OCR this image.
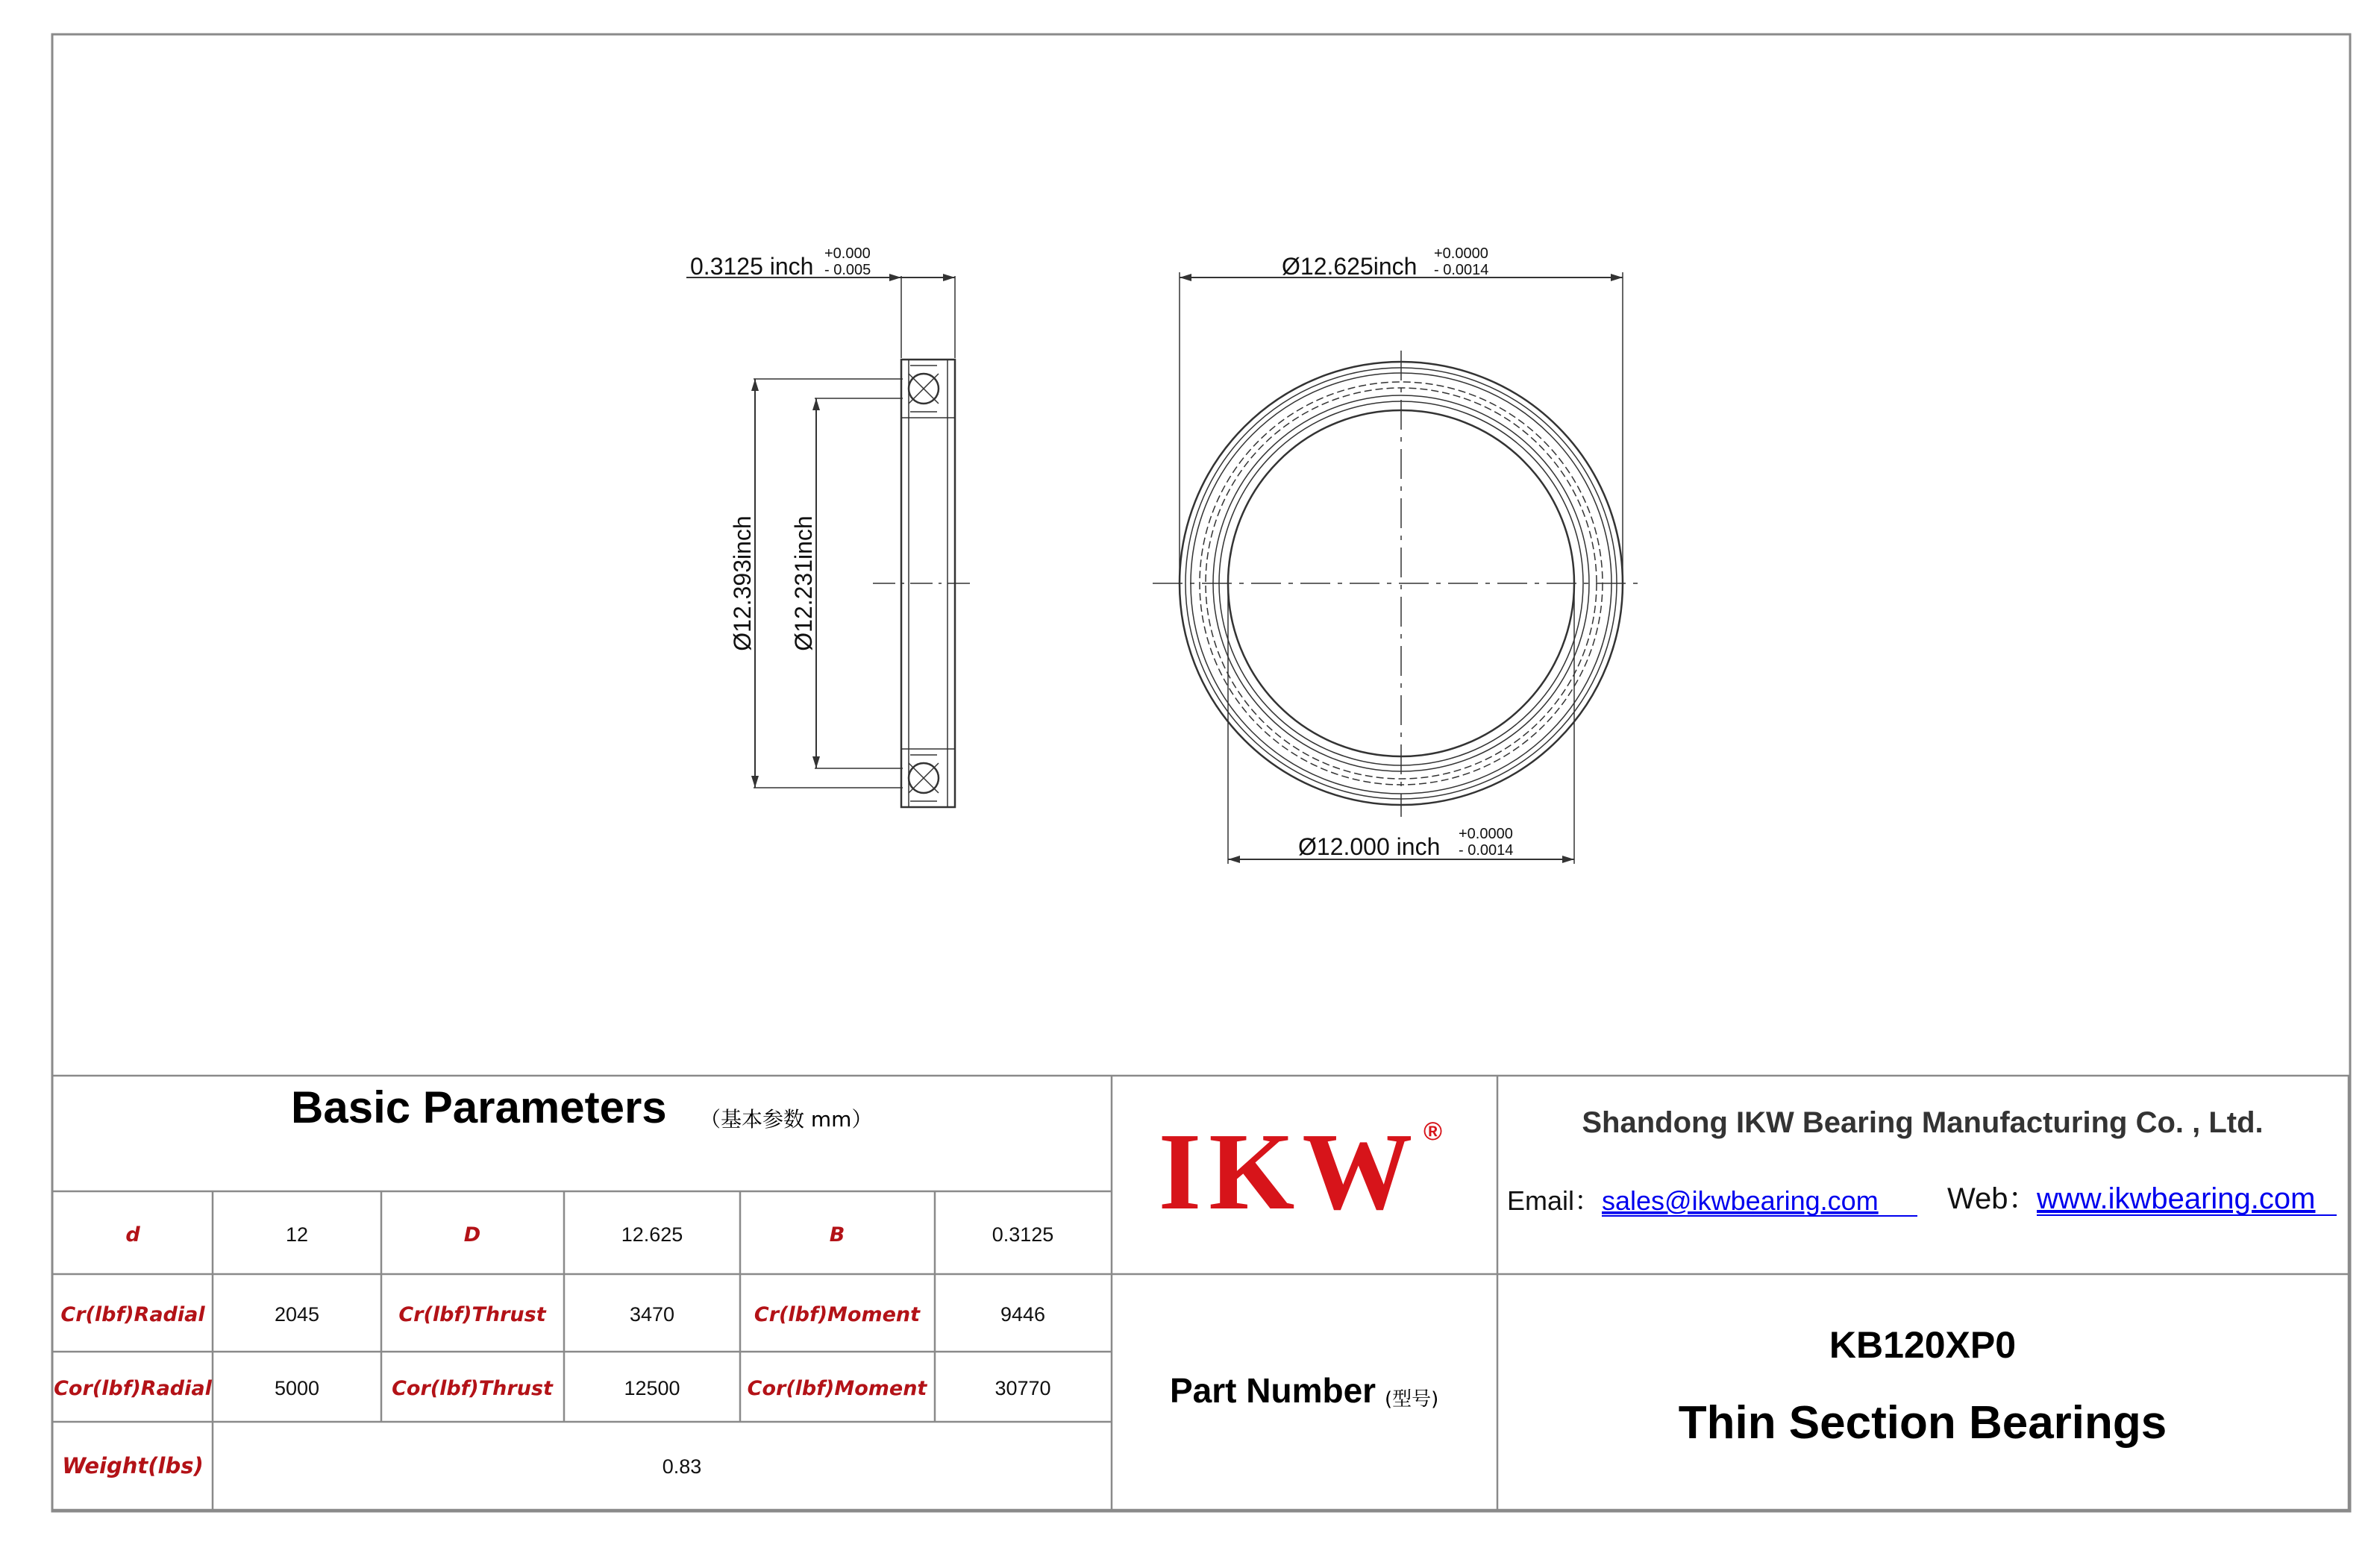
0.3125 inch +0.000
- 0.005
Ø12.393inch Ø12.231inch
Ø12.625inch +0.0000
- 0.0014
Ø12.000 inch +0.0000
- 0.0014
Basic Parameters （基本参数 mm）
d	12	D	12.625	B	0.3125
Cr(lbf)Radial	2045	Cr(lbf)Thrust	3470	Cr(lbf)Moment	9446
Cor(lbf)Radial	5000	Cor(lbf)Thrust	12500	Cor(lbf)Moment	30770
Weight(lbs)	0.83
IKW ®
Part Number (型号)
Shandong IKW Bearing Manufacturing Co. , Ltd.
Email： sales@ikwbearing.com Web：
www.ikwbearing.com
KB120XP0
Thin Section Bearings
